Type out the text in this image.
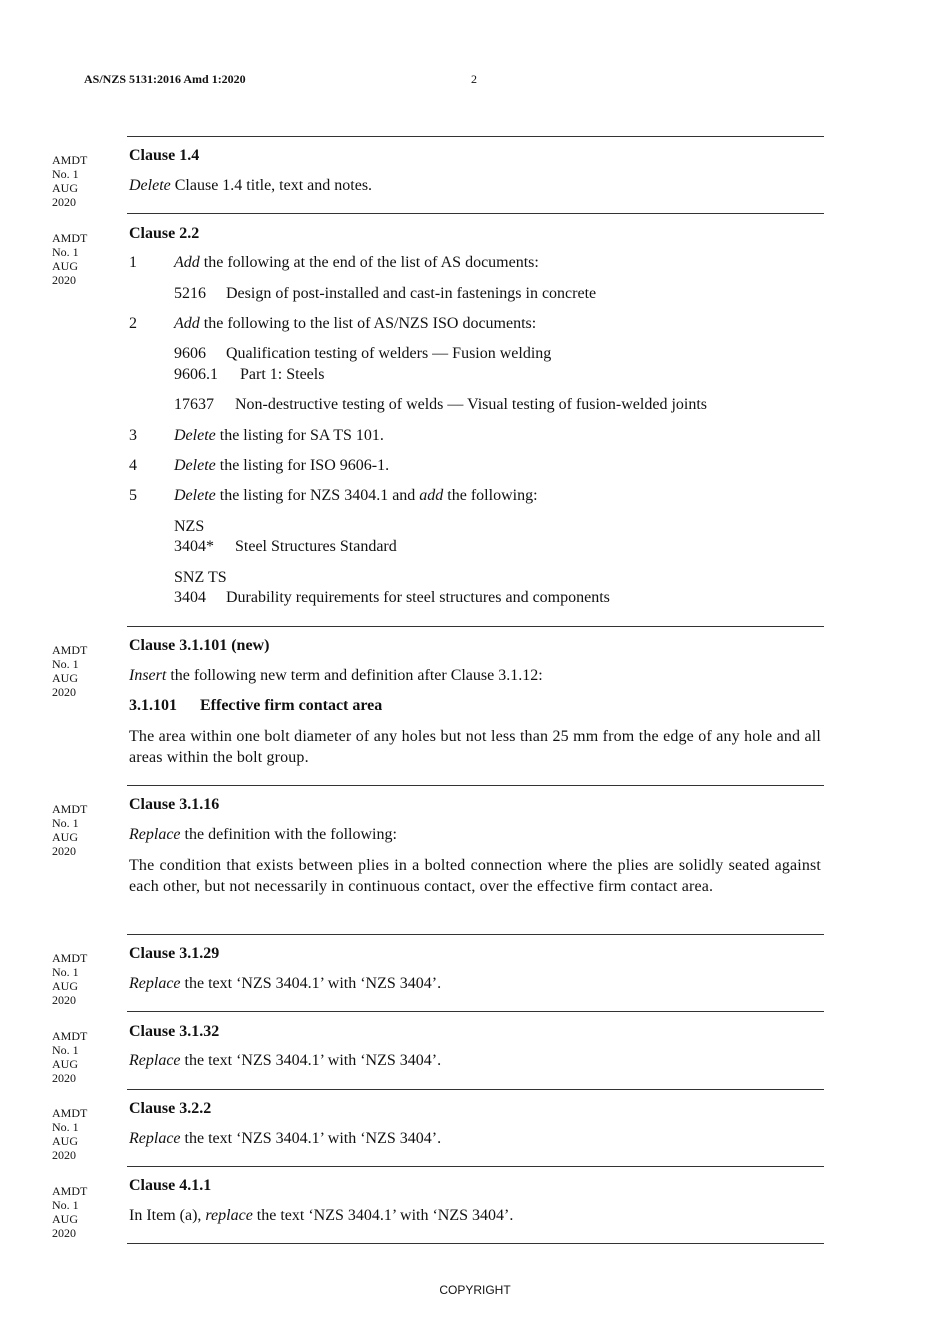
AS/NZS 5131:2016 Amd 1:2020	2
AMDT
No. 1
AUG
2020
AMDT
No. 1
AUG
2020
AMDT
No. 1
AUG
2020
AMDT
No. 1
AUG
2020
AMDT
No. 1
AUG
2020
AMDT
No. 1
AUG
2020
AMDT
No. 1
AUG
2020
AMDT
No. 1
AUG
2020
Clause 1.4
Delete Clause 1.4 title, text and notes.
Clause 2.2
1 Add the following at the end of the list of AS documents:
5216 Design of post-installed and cast-in fastenings in concrete
2 Add the following to the list of AS/NZS ISO documents:
9606 Qualification testing of welders — Fusion welding
9606.1 Part 1: Steels
17637 Non-destructive testing of welds — Visual testing of fusion-welded joints
3 Delete the listing for SA TS 101.
4 Delete the listing for ISO 9606-1.
5 Delete the listing for NZS 3404.1 and add the following:
NZS
3404* Steel Structures Standard
SNZ TS
3404 Durability requirements for steel structures and components
Clause 3.1.101 (new)
Insert the following new term and definition after Clause 3.1.12:
3.1.101 Effective firm contact area
The area within one bolt diameter of any holes but not less than 25 mm from the edge of any hole and all areas within the bolt group.
Clause 3.1.16
Replace the definition with the following:
The condition that exists between plies in a bolted connection where the plies are solidly seated against each other, but not necessarily in continuous contact, over the effective firm contact area.
Clause 3.1.29
Replace the text ‘NZS 3404.1’ with ‘NZS 3404’.
Clause 3.1.32
Replace the text ‘NZS 3404.1’ with ‘NZS 3404’.
Clause 3.2.2
Replace the text ‘NZS 3404.1’ with ‘NZS 3404’.
Clause 4.1.1
In Item (a), replace the text ‘NZS 3404.1’ with ‘NZS 3404’.
COPYRIGHT
